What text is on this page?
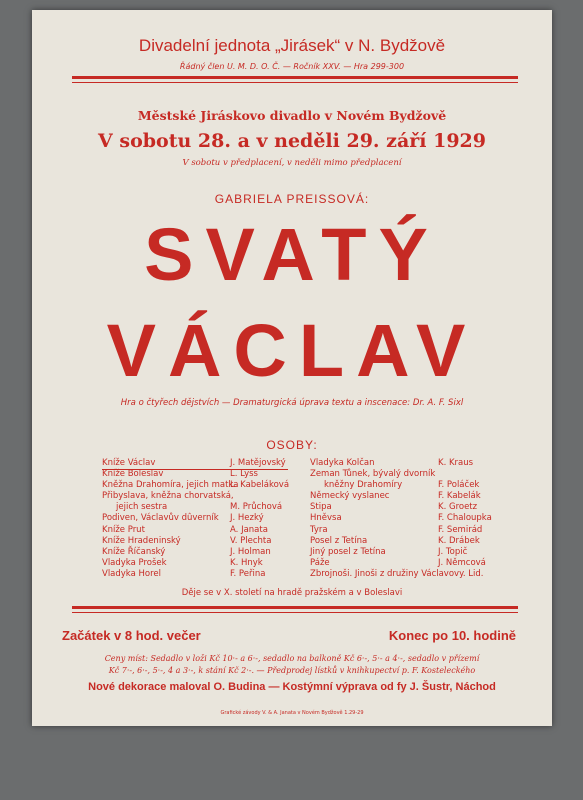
Divadelní jednota „Jirásek“ v N. Bydžově
Řádný člen U. M. D. O. Č. — Ročník XXV. — Hra 299-300
Městské Jiráskovo divadlo v Novém Bydžově
V sobotu 28. a v neděli 29. září 1929
V sobotu v předplacení, v neděli mimo předplacení
GABRIELA PREISSOVÁ:
SVATÝ
VÁCLAV
Hra o čtyřech dějstvích — Dramaturgická úprava textu a inscenace: Dr. A. F. Sixl
OSOBY:
Kníže Václav
Kníže Boleslav
Kněžna Drahomíra, jejich matka
Přibyslava, kněžna chorvatská,
jejich sestra
Podiven, Václavův dûverník
Kníže Prut
Kníže Hradeninský
Kníže Říčanský
Vladyka Prošek
Vladyka Horel
J. Matějovský
L. Lyss
L. Kabeláková
M. Průchová
J. Hezký
A. Janata
V. Plechta
J. Holman
K. Hnyk
F. Peřina
Vladyka Kolčan
Zeman Tůnek, bývalý dvorník
kněžny Drahomíry
Německý vyslanec
Stipa
Hněvsa
Tyra
Posel z Tetína
Jiný posel z Tetína
Páže
Zbrojnoši. Jinoši z družiny Václavovy. Lid.
K. Kraus
F. Poláček
F. Kabelák
K. Groetz
F. Chaloupka
F. Semirád
K. Drábek
J. Topič
J. Němcová
Děje se v X. století na hradě pražském a v Boleslavi
Začátek v 8 hod. večer	Konec po 10. hodině
Ceny míst: Sedadlo v loži Kč 10·- a 6·-, sedadlo na balkoně Kč 6·-, 5·- a 4·-, sedadlo v přízemí
Kč 7·-, 6·-, 5·-, 4 a 3·-, k stání Kč 2·-. — Předprodej lístků v knihkupectví p. F. Kosteleckého
Nové dekorace maloval O. Budina — Kostýmní výprava od fy J. Šustr, Náchod
Grafické závody V. & A. Janata v Novém Bydžově 1.29-29
